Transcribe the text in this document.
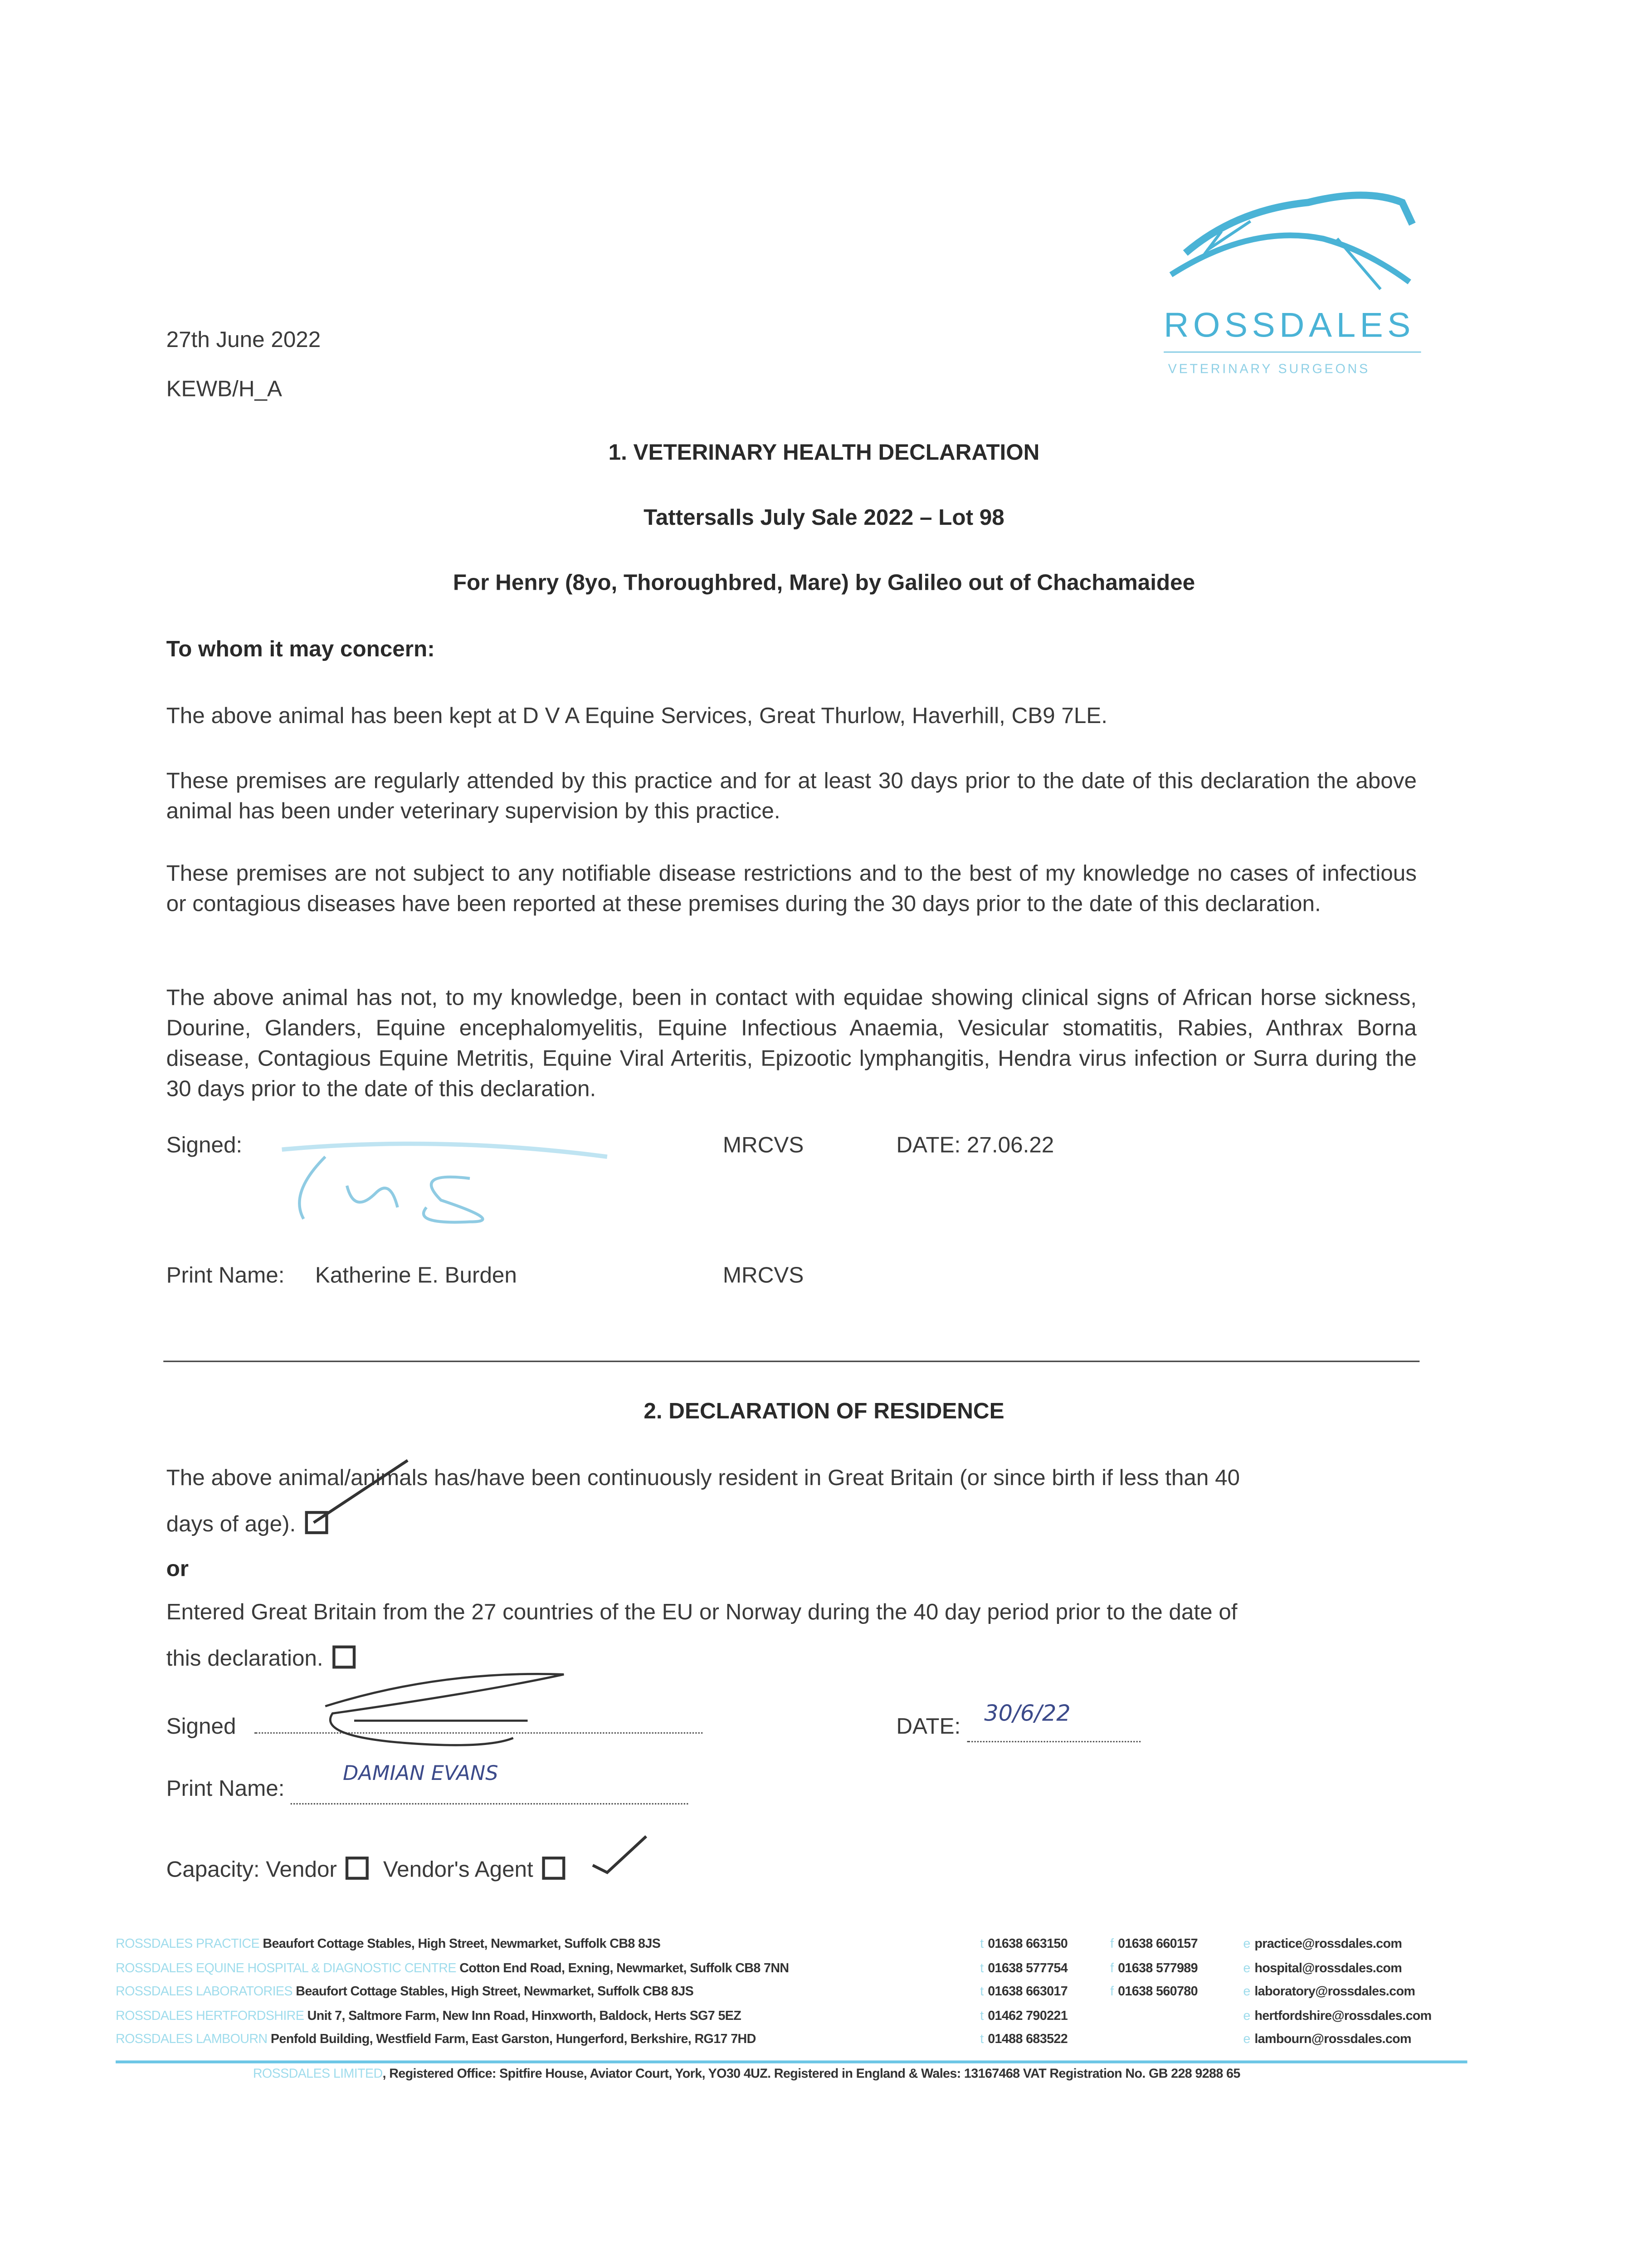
ROSSDALES
VETERINARY SURGEONS
27th June 2022
KEWB/H_A
1. VETERINARY HEALTH DECLARATION
Tattersalls July Sale 2022 – Lot 98
For Henry (8yo, Thoroughbred, Mare) by Galileo out of Chachamaidee
To whom it may concern:
The above animal has been kept at D V A Equine Services, Great Thurlow, Haverhill, CB9 7LE.
These premises are regularly attended by this practice and for at least 30 days prior to the date of this declaration the above animal has been under veterinary supervision by this practice.
These premises are not subject to any notifiable disease restrictions and to the best of my knowledge no cases of infectious or contagious diseases have been reported at these premises during the 30 days prior to the date of this declaration.
The above animal has not, to my knowledge, been in contact with equidae showing clinical signs of African horse sickness, Dourine, Glanders, Equine encephalomyelitis, Equine Infectious Anaemia, Vesicular stomatitis, Rabies, Anthrax Borna disease, Contagious Equine Metritis, Equine Viral Arteritis, Epizootic lymphangitis, Hendra virus infection or Surra during the 30 days prior to the date of this declaration.
Signed:	MRCVS	DATE: 27.06.22
Print Name:	Katherine E. Burden	MRCVS
2. DECLARATION OF RESIDENCE
The above animal/animals has/have been continuously resident in Great Britain (or since birth if less than 40
days of age).
or
Entered Great Britain from the 27 countries of the EU or Norway during the 40 day period prior to the date of
this declaration.
Signed	DATE:
30/6/22

Print Name:
DAMIAN EVANS

Capacity: Vendor	Vendor's Agent
ROSSDALES PRACTICE Beaufort Cottage Stables, High Street, Newmarket, Suffolk CB8 8JS	t 01638 663150	f 01638 660157	e practice@rossdales.com
ROSSDALES EQUINE HOSPITAL & DIAGNOSTIC CENTRE Cotton End Road, Exning, Newmarket, Suffolk CB8 7NN	t 01638 577754	f 01638 577989	e hospital@rossdales.com
ROSSDALES LABORATORIES Beaufort Cottage Stables, High Street, Newmarket, Suffolk CB8 8JS	t 01638 663017	f 01638 560780	e laboratory@rossdales.com
ROSSDALES HERTFORDSHIRE Unit 7, Saltmore Farm, New Inn Road, Hinxworth, Baldock, Herts SG7 5EZ	t 01462 790221	e hertfordshire@rossdales.com
ROSSDALES LAMBOURN Penfold Building, Westfield Farm, East Garston, Hungerford, Berkshire, RG17 7HD	t 01488 683522	e lambourn@rossdales.com
ROSSDALES LIMITED, Registered Office: Spitfire House, Aviator Court, York, YO30 4UZ. Registered in England & Wales: 13167468 VAT Registration No. GB 228 9288 65
